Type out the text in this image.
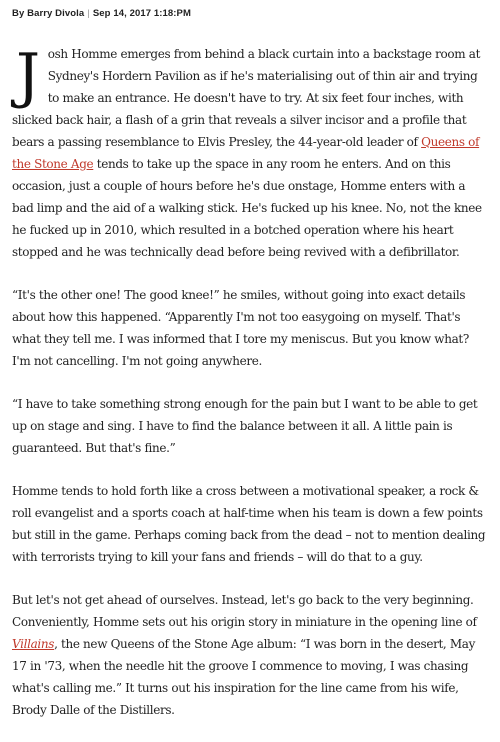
By Barry Divola | Sep 14, 2017 1:18:PM

Josh Homme emerges from behind a black curtain into a backstage room at Sydney's Hordern Pavilion as if he's materialising out of thin air and trying to make an entrance. He doesn't have to try. At six feet four inches, with slicked back hair, a flash of a grin that reveals a silver incisor and a profile that bears a passing resemblance to Elvis Presley, the 44-year-old leader of Queens of the Stone Age tends to take up the space in any room he enters. And on this occasion, just a couple of hours before he's due onstage, Homme enters with a bad limp and the aid of a walking stick. He's fucked up his knee. No, not the knee he fucked up in 2010, which resulted in a botched operation where his heart stopped and he was technically dead before being revived with a defibrillator.

“It's the other one! The good knee!” he smiles, without going into exact details about how this happened. “Apparently I'm not too easygoing on myself. That's what they tell me. I was informed that I tore my meniscus. But you know what? I'm not cancelling. I'm not going anywhere.

“I have to take something strong enough for the pain but I want to be able to get up on stage and sing. I have to find the balance between it all. A little pain is guaranteed. But that's fine.”

Homme tends to hold forth like a cross between a motivational speaker, a rock & roll evangelist and a sports coach at half-time when his team is down a few points but still in the game. Perhaps coming back from the dead – not to mention dealing with terrorists trying to kill your fans and friends – will do that to a guy.

But let's not get ahead of ourselves. Instead, let's go back to the very beginning. Conveniently, Homme sets out his origin story in miniature in the opening line of Villains, the new Queens of the Stone Age album: “I was born in the desert, May 17 in '73, when the needle hit the groove I commence to moving, I was chasing what's calling me.” It turns out his inspiration for the line came from his wife, Brody Dalle of the Distillers.
